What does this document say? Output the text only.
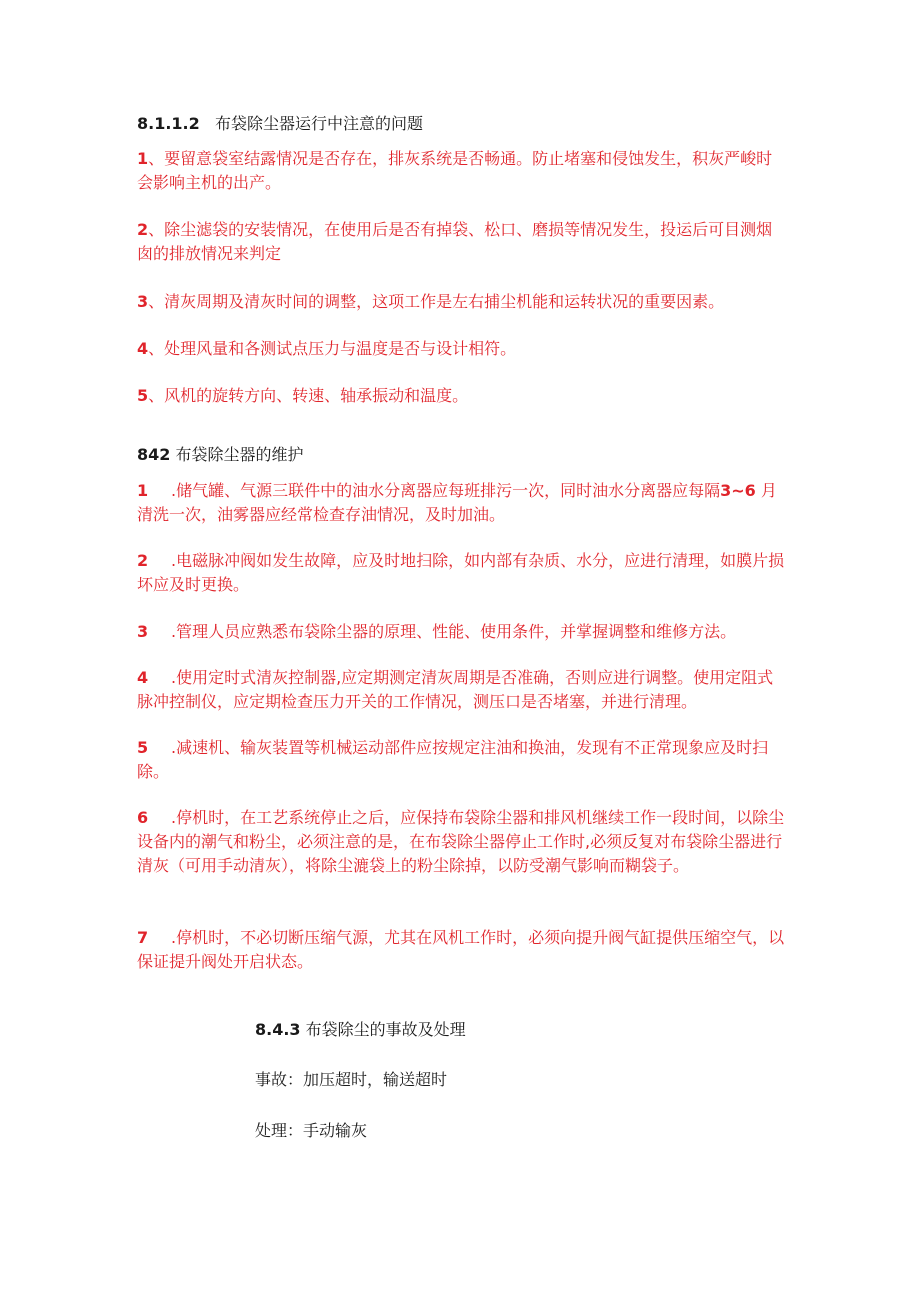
8.1.1.2 布袋除尘器运行中注意的问题

1、要留意袋室结露情况是否存在，排灰系统是否畅通。防止堵塞和侵蚀发生，积灰严峻时会影响主机的出产。

2、除尘滤袋的安装情况，在使用后是否有掉袋、松口、磨损等情况发生，投运后可目测烟囱的排放情况来判定

3、清灰周期及清灰时间的调整，这项工作是左右捕尘机能和运转状况的重要因素。

4、处理风量和各测试点压力与温度是否与设计相符。

5、风机的旋转方向、转速、轴承振动和温度。

842 布袋除尘器的维护

1 .储气罐、气源三联件中的油水分离器应每班排污一次，同时油水分离器应每隔3~6 月清洗一次，油雾器应经常检查存油情况，及时加油。

2 .电磁脉冲阀如发生故障，应及时地扫除，如内部有杂质、水分，应进行清理，如膜片损坏应及时更换。

3 .管理人员应熟悉布袋除尘器的原理、性能、使用条件，并掌握调整和维修方法。

4 .使用定时式清灰控制器,应定期测定清灰周期是否准确，否则应进行调整。使用定阻式脉冲控制仪，应定期检查压力开关的工作情况，测压口是否堵塞，并进行清理。

5 .减速机、输灰装置等机械运动部件应按规定注油和换油，发现有不正常现象应及时扫除。

6 .停机时，在工艺系统停止之后，应保持布袋除尘器和排风机继续工作一段时间，以除尘设备内的潮气和粉尘，必须注意的是，在布袋除尘器停止工作时,必须反复对布袋除尘器进行清灰（可用手动清灰），将除尘漉袋上的粉尘除掉，以防受潮气影响而糊袋子。

7 .停机时，不必切断压缩气源，尤其在风机工作时，必须向提升阀气缸提供压缩空气，以保证提升阀处开启状态。

8.4.3 布袋除尘的事故及处理

事故：加压超时，输送超时

处理：手动输灰
